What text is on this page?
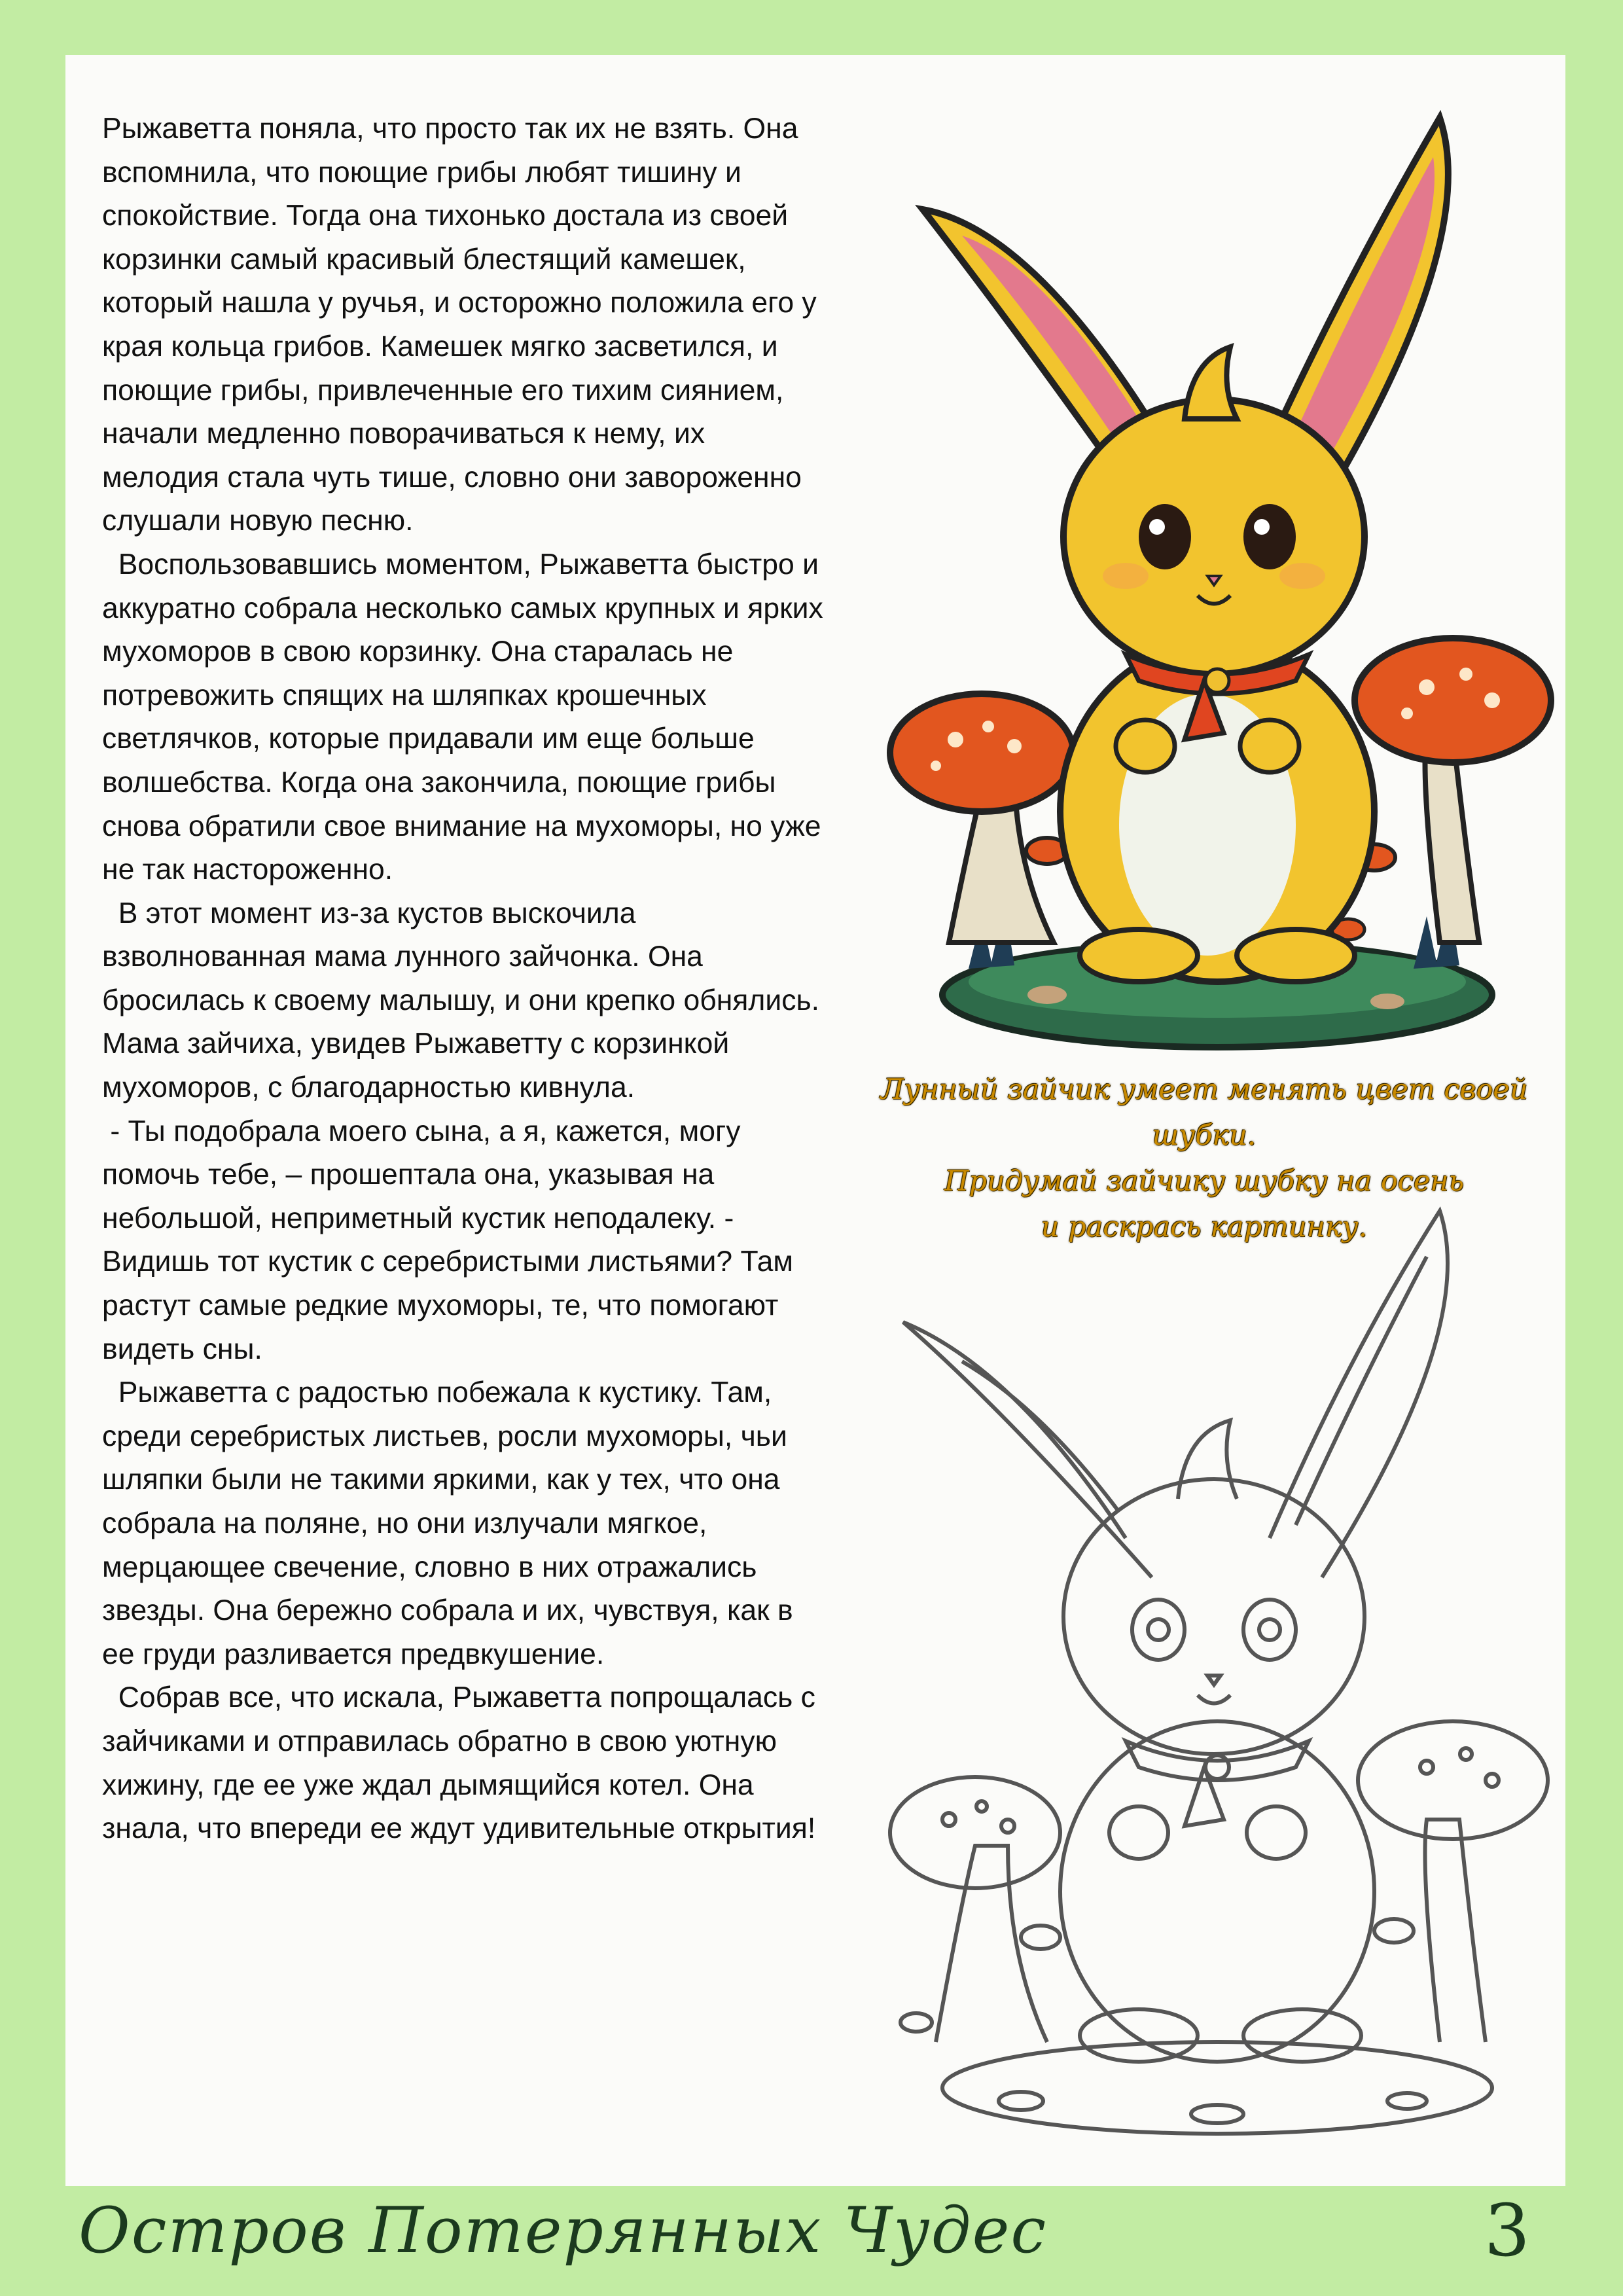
Рыжаветта поняла, что просто так их не взять. Она вспомнила, что поющие грибы любят тишину и спокойствие. Тогда она тихонько достала из своей корзинки самый красивый блестящий камешек, который нашла у ручья, и осторожно положила его у края кольца грибов. Камешек мягко засветился, и поющие грибы, привлеченные его тихим сиянием, начали медленно поворачиваться к нему, их мелодия стала чуть тише, словно они завороженно слушали новую песню.

Воспользовавшись моментом, Рыжаветта быстро и аккуратно собрала несколько самых крупных и ярких мухоморов в свою корзинку. Она старалась не потревожить спящих на шляпках крошечных светлячков, которые придавали им еще больше волшебства. Когда она закончила, поющие грибы снова обратили свое внимание на мухоморы, но уже не так настороженно.

В этот момент из-за кустов выскочила взволнованная мама лунного зайчонка. Она бросилась к своему малышу, и они крепко обнялись. Мама зайчиха, увидев Рыжаветту с корзинкой мухоморов, с благодарностью кивнула.

- Ты подобрала моего сына, а я, кажется, могу помочь тебе, – прошептала она, указывая на небольшой, неприметный кустик неподалеку. - Видишь тот кустик с серебристыми листьями? Там растут самые редкие мухоморы, те, что помогают видеть сны.

Рыжаветта с радостью побежала к кустику. Там, среди серебристых листьев, росли мухоморы, чьи шляпки были не такими яркими, как у тех, что она собрала на поляне, но они излучали мягкое, мерцающее свечение, словно в них отражались звезды. Она бережно собрала и их, чувствуя, как в ее груди разливается предвкушение.

Собрав все, что искала, Рыжаветта попрощалась с зайчиками и отправилась обратно в свою уютную хижину, где ее уже ждал дымящийся котел. Она знала, что впереди ее ждут удивительные открытия!

Лунный зайчик умеет менять цвет своей шубки.

Придумай зайчику шубку на осень

и раскрась картинку.

Остров Потерянных Чудес	3
